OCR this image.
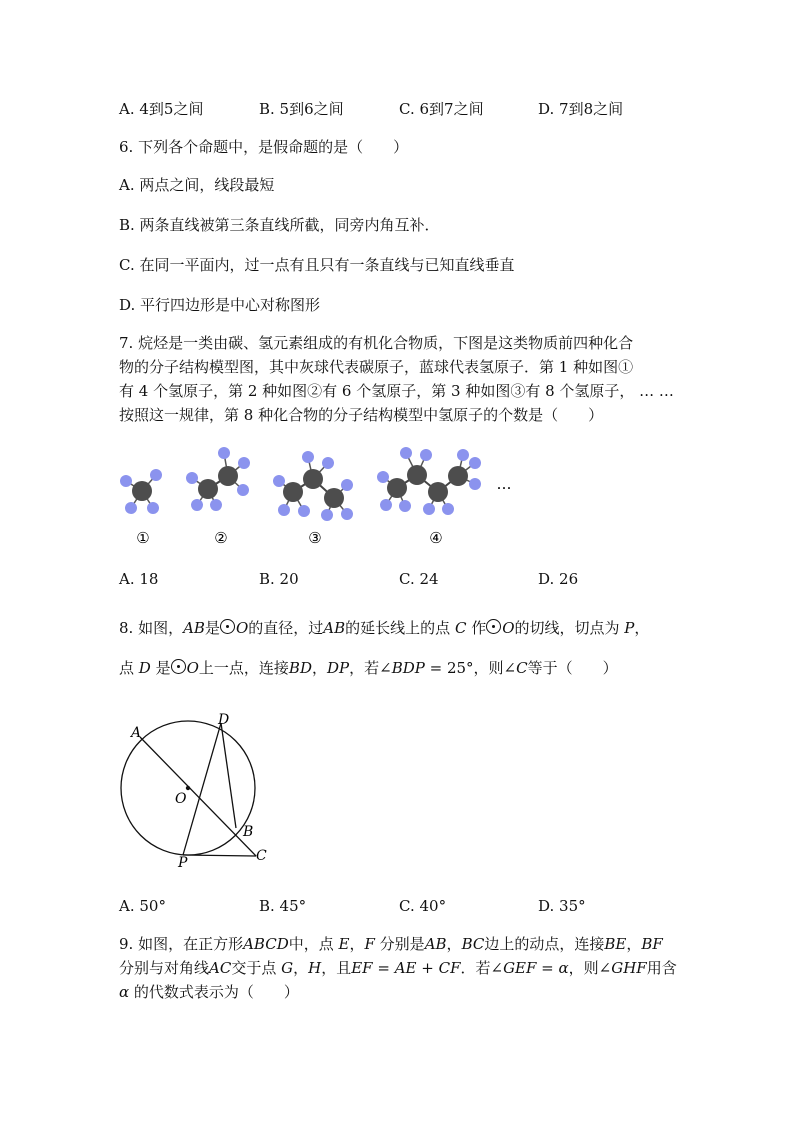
A. 4到5之间	B. 5到6之间	C. 6到7之间	D. 7到8之间
6. 下列各个命题中，是假命题的是（　　）
A. 两点之间，线段最短
B. 两条直线被第三条直线所截，同旁内角互补．
C. 在同一平面内，过一点有且只有一条直线与已知直线垂直
D. 平行四边形是中心对称图形
7. 烷烃是一类由碳、氢元素组成的有机化合物质，下图是这类物质前四种化合
物的分子结构模型图，其中灰球代表碳原子，蓝球代表氢原子．第 1 种如图①
有 4 个氢原子，第 2 种如图②有 6 个氢原子，第 3 种如图③有 8 个氢原子， … …
按照这一规律，第 8 种化合物的分子结构模型中氢原子的个数是（　　）
①	②	③	④
…
A. 18	B. 20	C. 24	D. 26
8. 如图，AB是 O的直径，过AB的延长线上的点 C 作 O的切线，切点为 P，
点 D 是 O上一点，连接BD，DP，若∠BDP = 25°，则∠C等于（　　）
A
D
O
B
P	C
A. 50°	B. 45°	C. 40°	D. 35°
9. 如图，在正方形ABCD中，点 E，F 分别是AB，BC边上的动点，连接BE，BF
分别与对角线AC交于点 G，H，且EF = AE + CF．若∠GEF = α，则∠GHF用含
α 的代数式表示为（　　）
